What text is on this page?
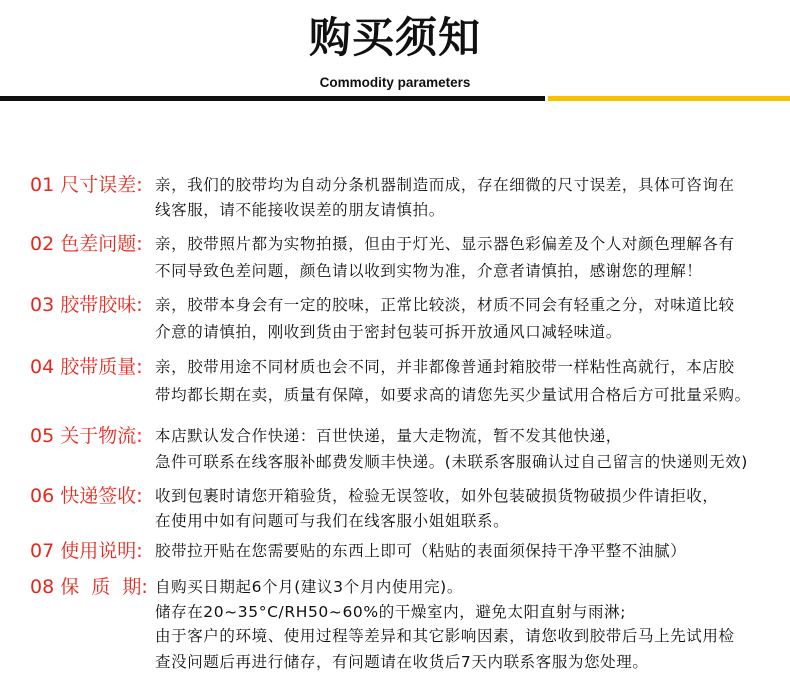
购买须知
Commodity parameters
01 尺寸误差: 亲，我们的胶带均为自动分条机器制造而成，存在细微的尺寸误差，具体可咨询在
线客服，请不能接收误差的朋友请慎拍。
02 色差问题: 亲，胶带照片都为实物拍摄，但由于灯光、显示器色彩偏差及个人对颜色理解各有
不同导致色差问题，颜色请以收到实物为准，介意者请慎拍，感谢您的理解！
03 胶带胶味: 亲，胶带本身会有一定的胶味，正常比较淡，材质不同会有轻重之分，对味道比较
介意的请慎拍，刚收到货由于密封包装可拆开放通风口减轻味道。
04 胶带质量: 亲，胶带用途不同材质也会不同，并非都像普通封箱胶带一样粘性高就行，本店胶
带均都长期在卖，质量有保障，如要求高的请您先买少量试用合格后方可批量采购。
05 关于物流: 本店默认发合作快递：百世快递，量大走物流，暂不发其他快递，
急件可联系在线客服补邮费发顺丰快递。(未联系客服确认过自己留言的快递则无效)
06 快递签收: 收到包裹时请您开箱验货，检验无误签收，如外包装破损货物破损少件请拒收，
在使用中如有问题可与我们在线客服小姐姐联系。
07 使用说明: 胶带拉开贴在您需要贴的东西上即可（粘贴的表面须保持干净平整不油腻）
08 保  质  期: 自购买日期起6个月(建议3个月内使用完)。
储存在20~35°C/RH50~60%的干燥室内，避免太阳直射与雨淋;
由于客户的环境、使用过程等差异和其它影响因素，请您收到胶带后马上先试用检
查没问题后再进行储存，有问题请在收货后7天内联系客服为您处理。
